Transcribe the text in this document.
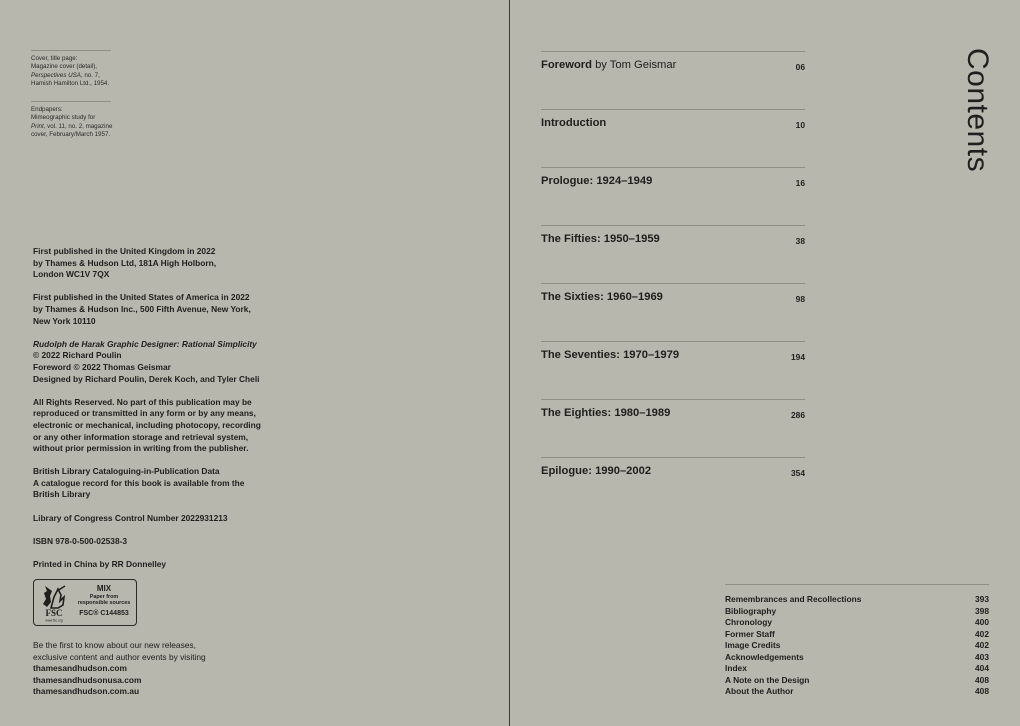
Cover, title page:
Magazine cover (detail),
Perspectives USA, no. 7,
Hamish Hamilton Ltd., 1954.
Endpapers:
Mimeographic study for
Print, vol. 11, no. 2, magazine
cover, February/March 1957.

First published in the United Kingdom in 2022
by Thames & Hudson Ltd, 181A High Holborn,
London WC1V 7QX

First published in the United States of America in 2022
by Thames & Hudson Inc., 500 Fifth Avenue, New York,
New York 10110

Rudolph de Harak Graphic Designer: Rational Simplicity
© 2022 Richard Poulin
Foreword © 2022 Thomas Geismar
Designed by Richard Poulin, Derek Koch, and Tyler Cheli

All Rights Reserved. No part of this publication may be
reproduced or transmitted in any form or by any means,
electronic or mechanical, including photocopy, recording
or any other information storage and retrieval system,
without prior permission in writing from the publisher.

British Library Cataloguing-in-Publication Data
A catalogue record for this book is available from the
British Library

Library of Congress Control Number 2022931213

ISBN 978-0-500-02538-3

Printed in China by RR Donnelley

FSC
www.fsc.org
MIX
Paper from
responsible sources
FSC® C144853
Be the first to know about our new releases,
exclusive content and author events by visiting
thamesandhudson.com
thamesandhudsonusa.com
thamesandhudson.com.au
Contents
Foreword by Tom Geismar	06
Introduction	10
Prologue: 1924–1949	16
The Fifties: 1950–1959	38
The Sixties: 1960–1969	98
The Seventies: 1970–1979	194
The Eighties: 1980–1989	286
Epilogue: 1990–2002	354
Remembrances and Recollections	393
Bibliography	398
Chronology	400
Former Staff	402
Image Credits	402
Acknowledgements	403
Index	404
A Note on the Design	408
About the Author	408
